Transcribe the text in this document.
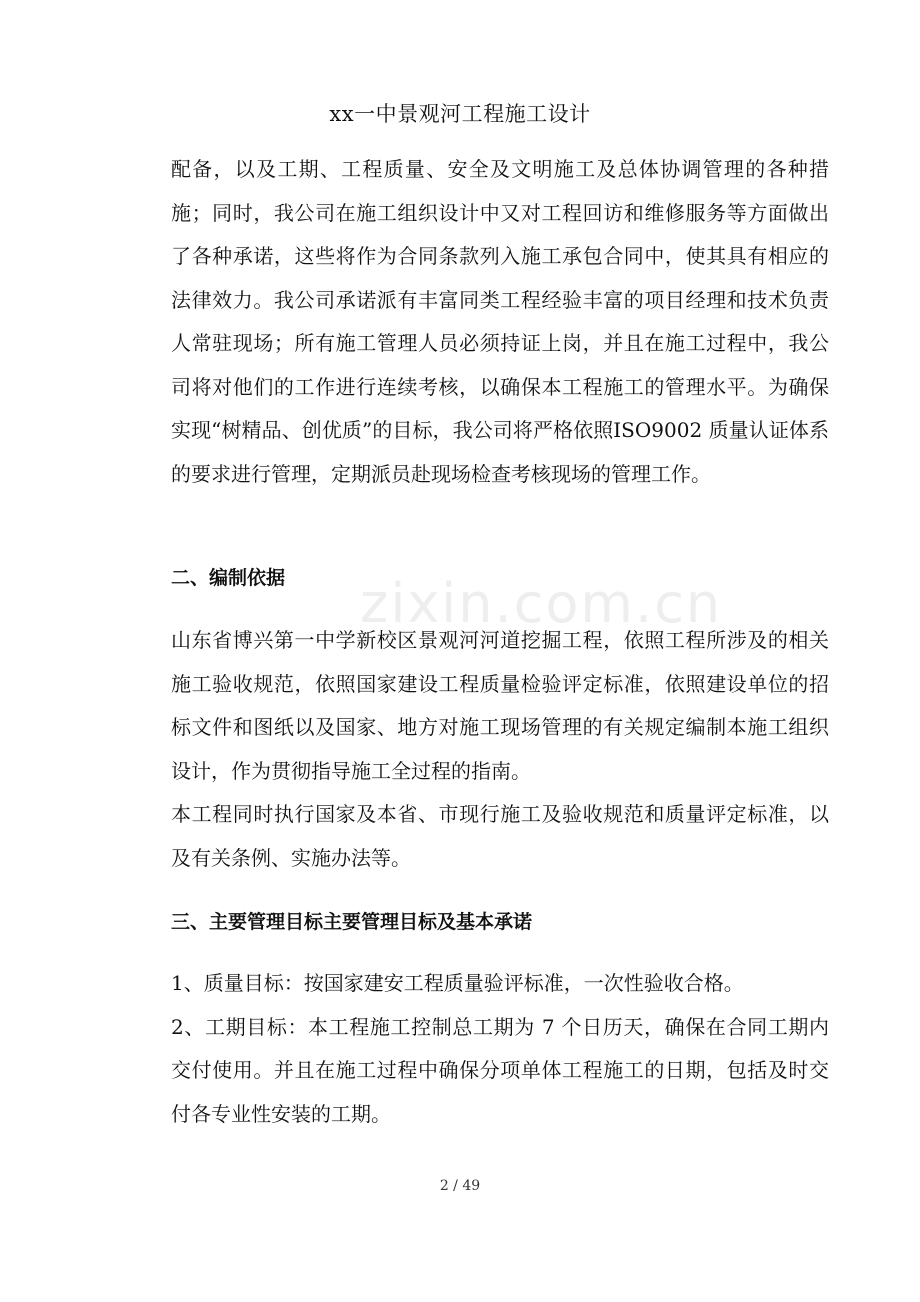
zixin.com.cn
xx一中景观河工程施工设计

配备，以及工期、工程质量、安全及文明施工及总体协调管理的各种措施；同时，我公司在施工组织设计中又对工程回访和维修服务等方面做出了各种承诺，这些将作为合同条款列入施工承包合同中，使其具有相应的法律效力。我公司承诺派有丰富同类工程经验丰富的项目经理和技术负责人常驻现场；所有施工管理人员必须持证上岗，并且在施工过程中，我公司将对他们的工作进行连续考核，以确保本工程施工的管理水平。为确保实现“树精品、创优质”的目标，我公司将严格依照ISO9002 质量认证体系的要求进行管理，定期派员赴现场检查考核现场的管理工作。

二、编制依据

山东省博兴第一中学新校区景观河河道挖掘工程，依照工程所涉及的相关施工验收规范，依照国家建设工程质量检验评定标准，依照建设单位的招标文件和图纸以及国家、地方对施工现场管理的有关规定编制本施工组织设计，作为贯彻指导施工全过程的指南。

本工程同时执行国家及本省、市现行施工及验收规范和质量评定标准，以及有关条例、实施办法等。

三、主要管理目标主要管理目标及基本承诺

1、质量目标：按国家建安工程质量验评标准，一次性验收合格。

2、工期目标：本工程施工控制总工期为 7 个日历天，确保在合同工期内交付使用。并且在施工过程中确保分项单体工程施工的日期，包括及时交付各专业性安装的工期。

2 / 49
